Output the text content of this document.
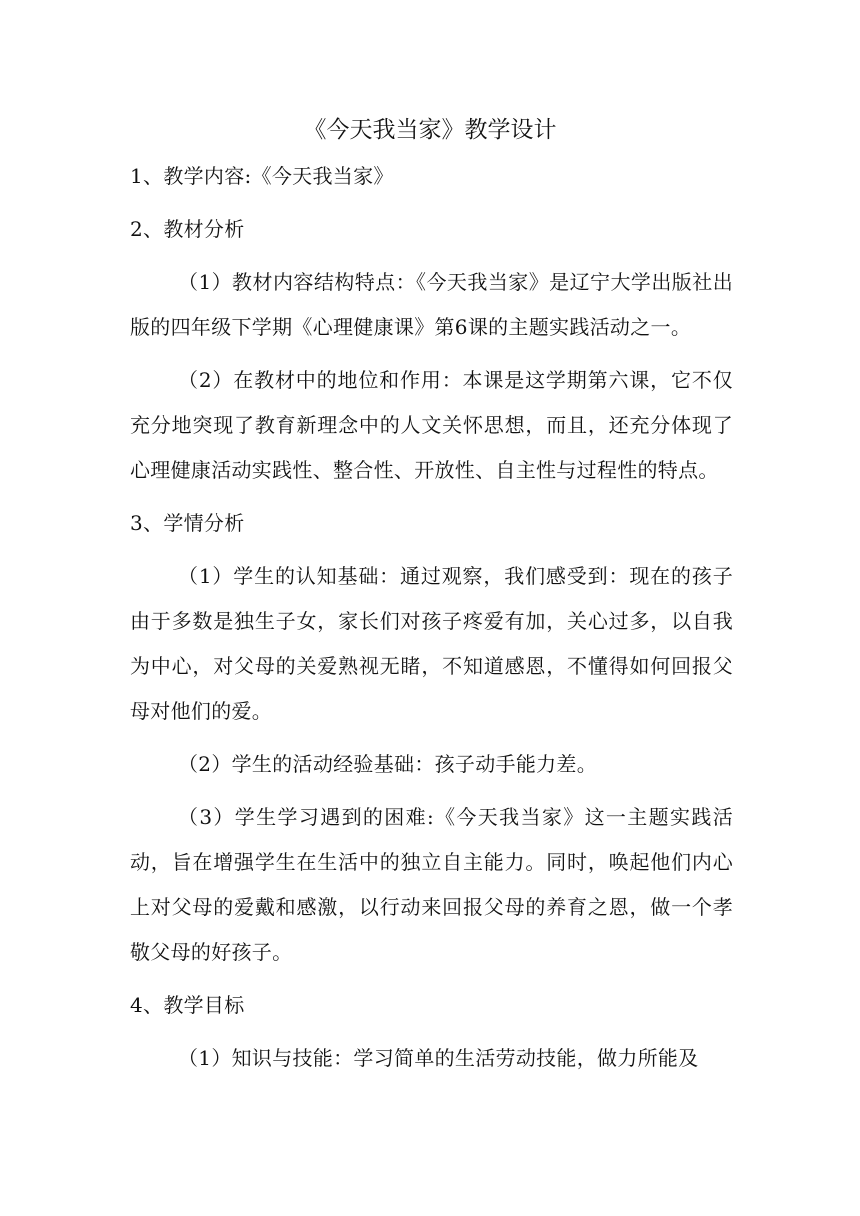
《今天我当家》教学设计
1、教学内容:《今天我当家》
2、教材分析
（1）教材内容结构特点：《今天我当家》是辽宁大学出版社出版的四年级下学期《心理健康课》第6课的主题实践活动之一。
（2）在教材中的地位和作用：本课是这学期第六课，它不仅充分地突现了教育新理念中的人文关怀思想，而且，还充分体现了心理健康活动实践性、整合性、开放性、自主性与过程性的特点。
3、学情分析
（1）学生的认知基础：通过观察，我们感受到：现在的孩子由于多数是独生子女，家长们对孩子疼爱有加，关心过多，以自我为中心，对父母的关爱熟视无睹，不知道感恩，不懂得如何回报父母对他们的爱。
（2）学生的活动经验基础：孩子动手能力差。
（3）学生学习遇到的困难:《今天我当家》这一主题实践活动，旨在增强学生在生活中的独立自主能力。同时，唤起他们内心上对父母的爱戴和感激，以行动来回报父母的养育之恩，做一个孝敬父母的好孩子。
4、教学目标
（1）知识与技能：学习简单的生活劳动技能，做力所能及
